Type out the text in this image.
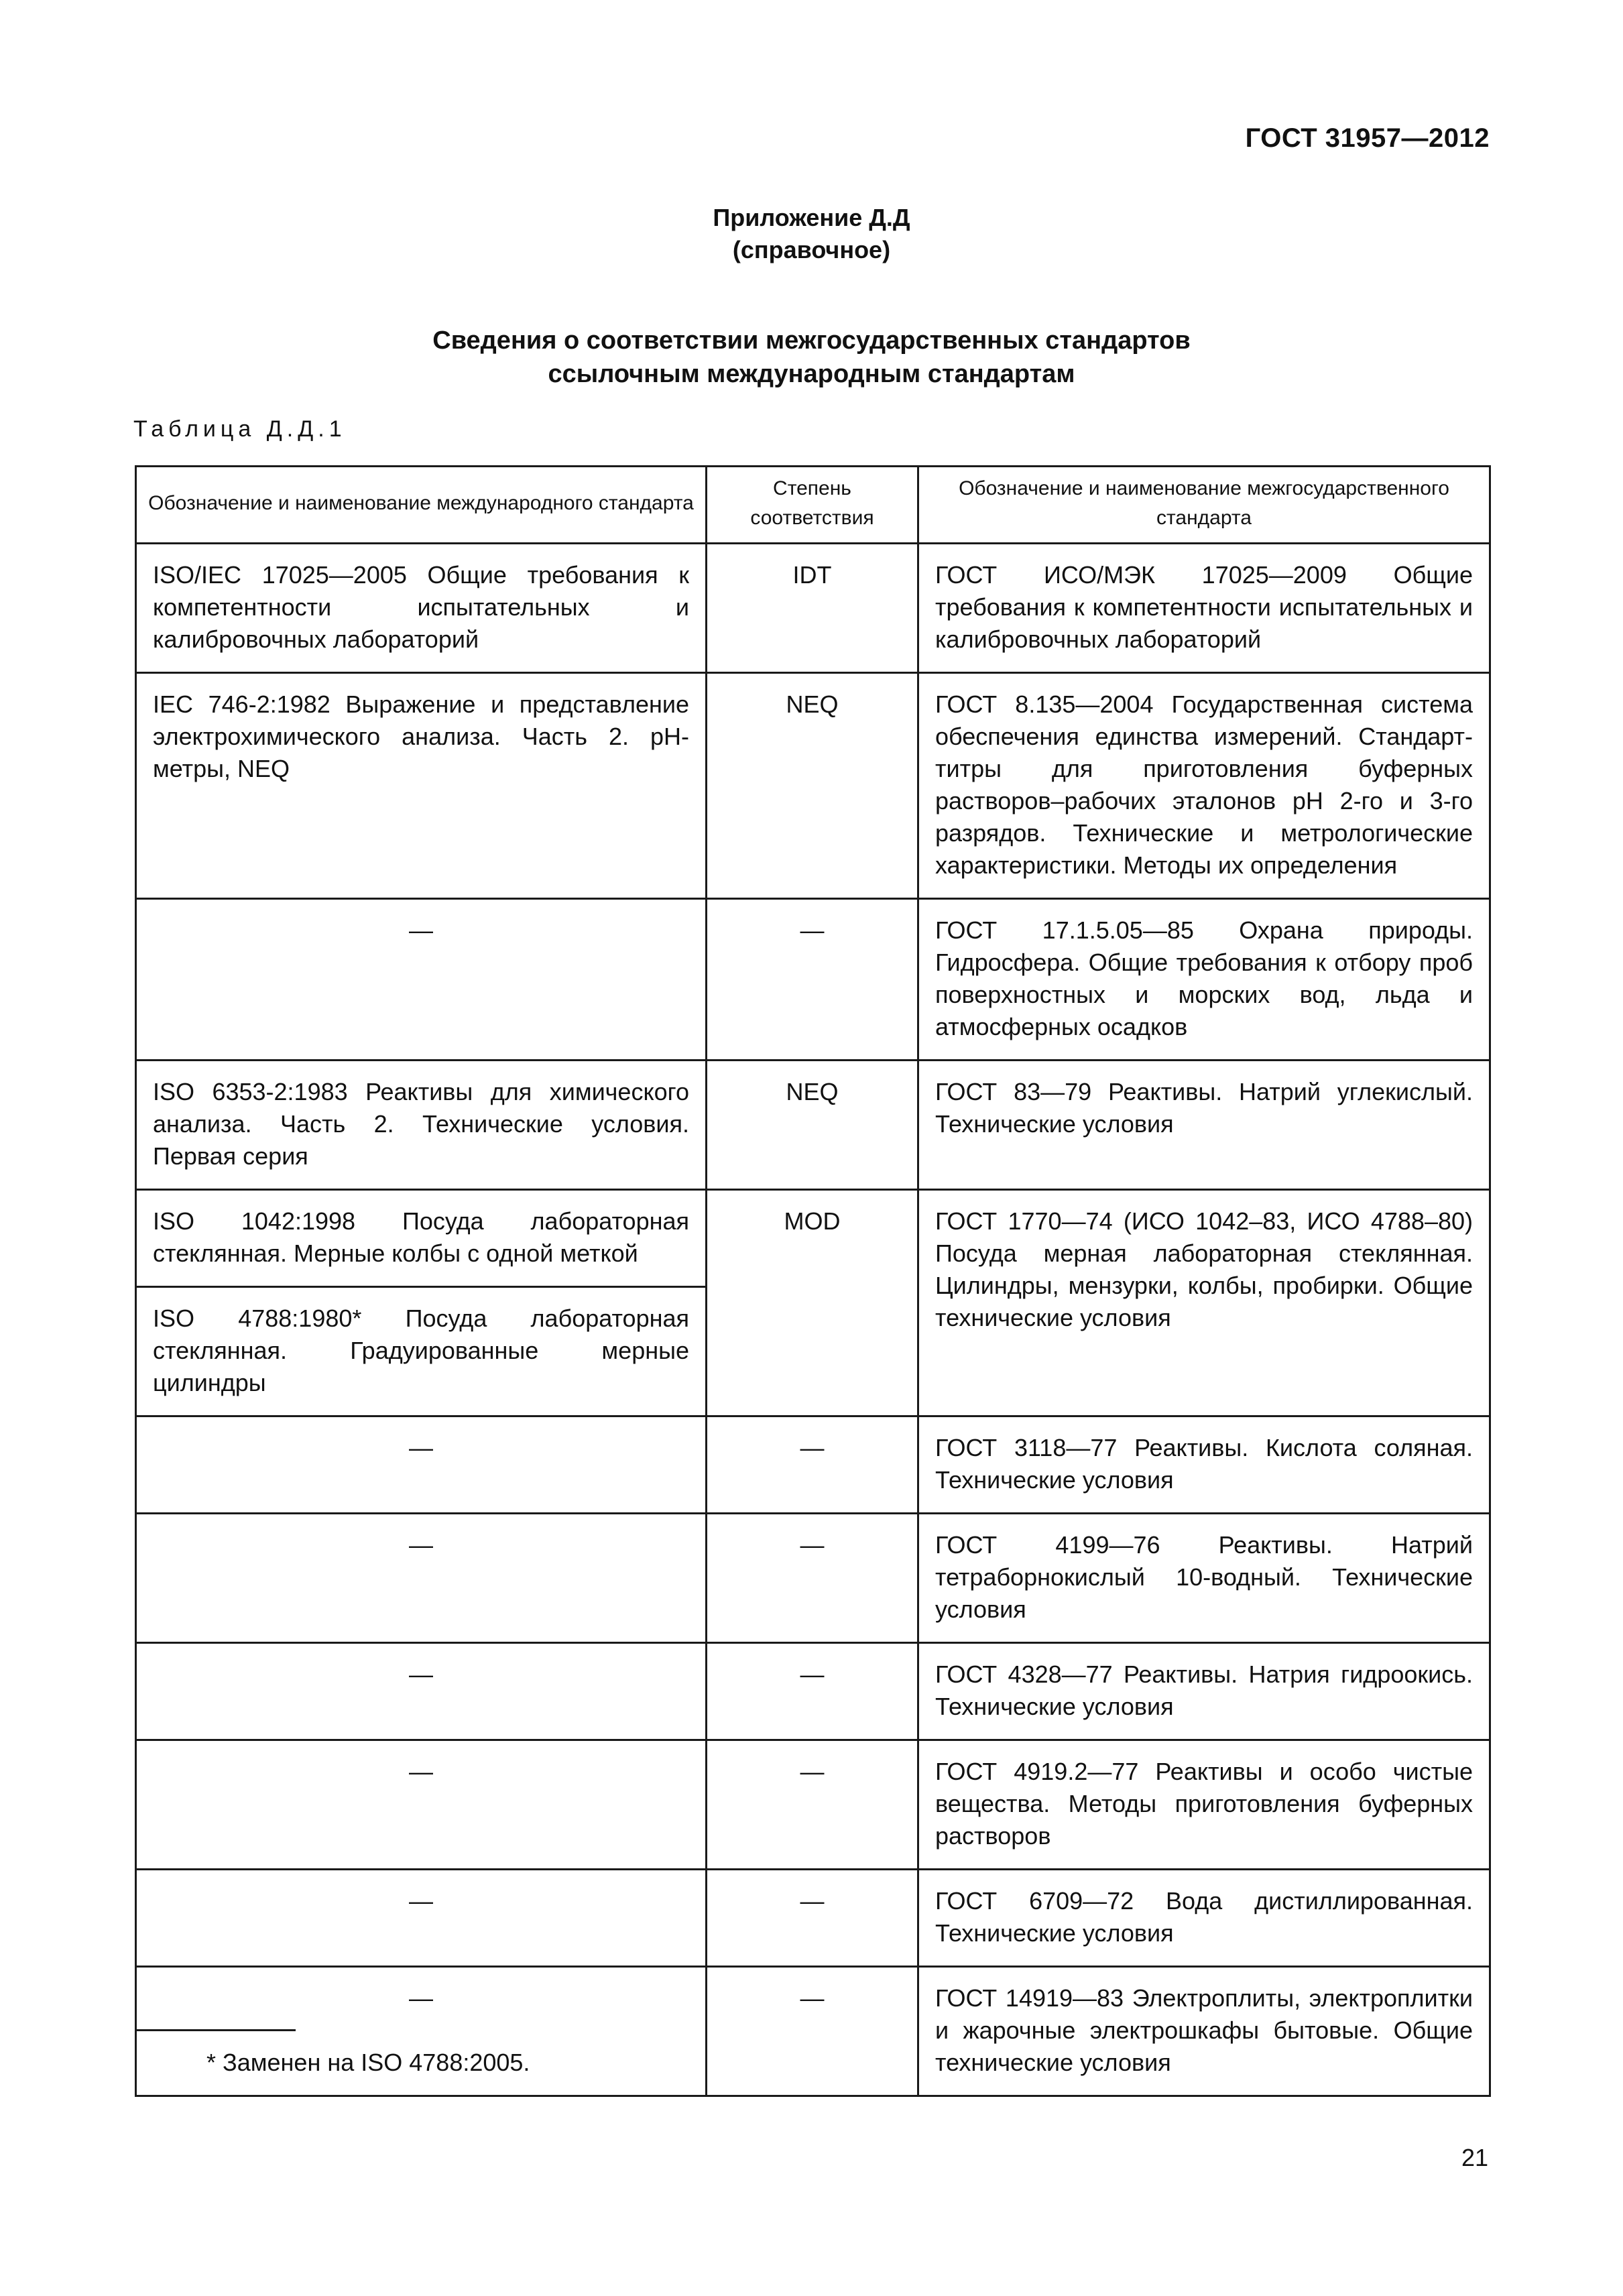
ГОСТ 31957—2012
Приложение Д.Д
(справочное)
Сведения о соответствии межгосударственных стандартов
ссылочным международным стандартам
Таблица Д.Д.1
Обозначение и наименование международного стандарта	Степень соответствия	Обозначение и наименование межгосударственного стандарта
ISO/IEC 17025—2005 Общие требования к компетентности испытательных и калибровочных лабораторий	IDT	ГОСТ ИСО/МЭК 17025—2009 Общие требования к компетентности испытательных и калибровочных лабораторий
IEC 746-2:1982 Выражение и представление электрохимического анализа. Часть 2. pH-метры, NEQ	NEQ	ГОСТ 8.135—2004 Государственная система обеспечения единства измерений. Стандарт-титры для приготовления буферных растворов–рабочих эталонов pH 2-го и 3-го разрядов. Технические и метрологические характеристики. Методы их определения
—	—	ГОСТ 17.1.5.05—85 Охрана природы. Гидросфера. Общие требования к отбору проб поверхностных и морских вод, льда и атмосферных осадков
ISO 6353-2:1983 Реактивы для химического анализа. Часть 2. Технические условия. Первая серия	NEQ	ГОСТ 83—79 Реактивы. Натрий углекислый. Технические условия
ISO 1042:1998 Посуда лабораторная стеклянная. Мерные колбы с одной меткой	MOD	ГОСТ 1770—74 (ИСО 1042–83, ИСО 4788–80) Посуда мерная лабораторная стеклянная. Цилиндры, мензурки, колбы, пробирки. Общие технические условия
ISO 4788:1980* Посуда лабораторная стеклянная. Градуированные мерные цилиндры		
—	—	ГОСТ 3118—77 Реактивы. Кислота соляная. Технические условия
—	—	ГОСТ 4199—76 Реактивы. Натрий тетраборнокислый 10-водный. Технические условия
—	—	ГОСТ 4328—77 Реактивы. Натрия гидроокись. Технические условия
—	—	ГОСТ 4919.2—77 Реактивы и особо чистые вещества. Методы приготовления буферных растворов
—	—	ГОСТ 6709—72 Вода дистиллированная. Технические условия
—	—	ГОСТ 14919—83 Электроплиты, электроплитки и жарочные электрошкафы бытовые. Общие технические условия
* Заменен на ISO 4788:2005.
21
